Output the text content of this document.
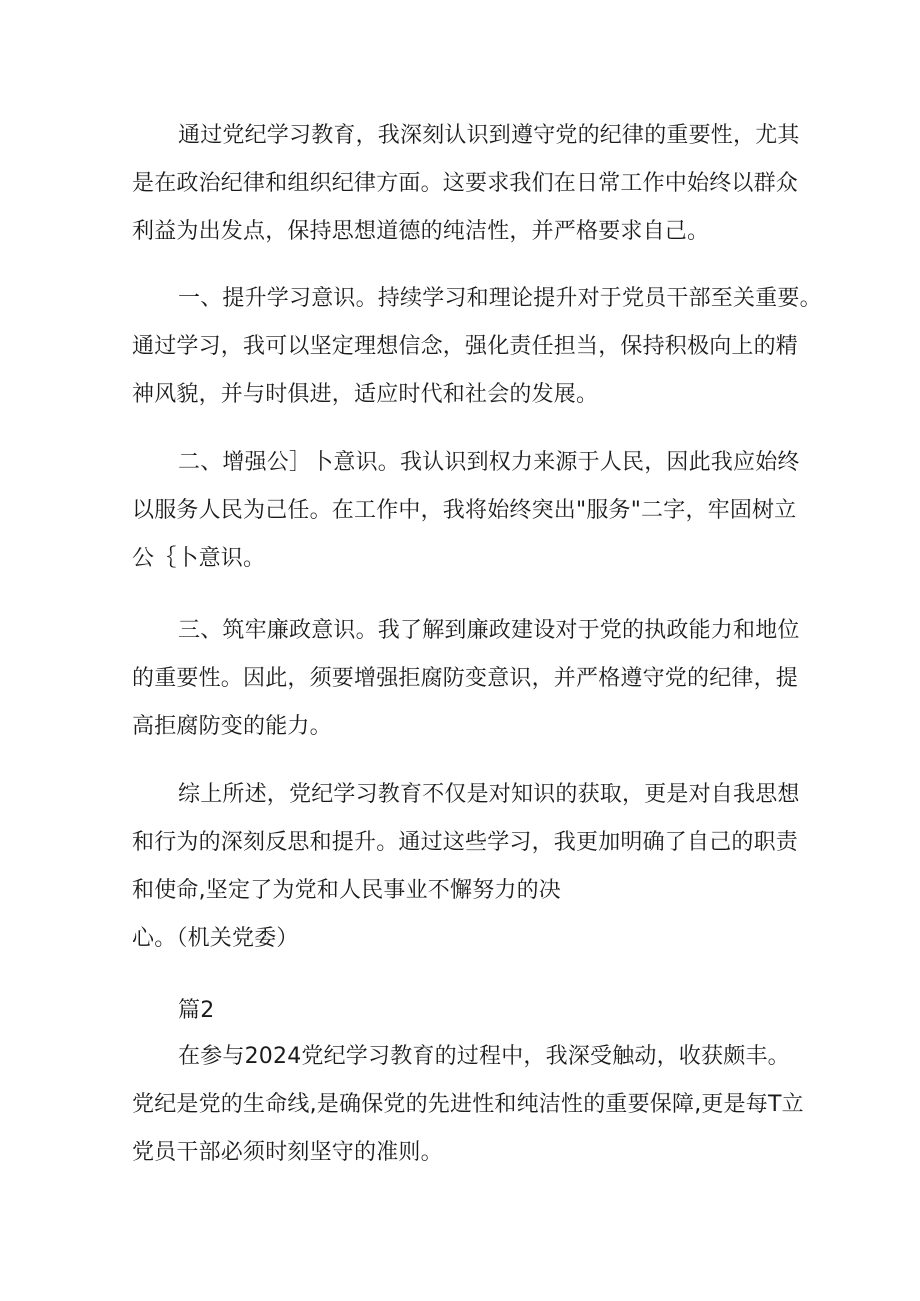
通过党纪学习教育，我深刻认识到遵守党的纪律的重要性，尤其
是在政治纪律和组织纪律方面。这要求我们在日常工作中始终以群众
利益为出发点，保持思想道德的纯洁性，并严格要求自己。
一、提升学习意识。持续学习和理论提升对于党员干部至关重要。
通过学习，我可以坚定理想信念，强化责任担当，保持积极向上的精
神风貌，并与时俱进，适应时代和社会的发展。
二、增强公］卜意识。我认识到权力来源于人民，因此我应始终
以服务人民为己任。在工作中，我将始终突出"服务"二字，牢固树立
公｛卜意识。
三、筑牢廉政意识。我了解到廉政建设对于党的执政能力和地位
的重要性。因此，须要增强拒腐防变意识，并严格遵守党的纪律，提
高拒腐防变的能力。
综上所述，党纪学习教育不仅是对知识的获取，更是对自我思想
和行为的深刻反思和提升。通过这些学习，我更加明确了自己的职责
和使命,坚定了为党和人民事业不懈努力的决
心。（机关党委）
篇2
在参与2024党纪学习教育的过程中，我深受触动，收获颇丰。
党纪是党的生命线,是确保党的先进性和纯洁性的重要保障,更是每T立
党员干部必须时刻坚守的准则。
